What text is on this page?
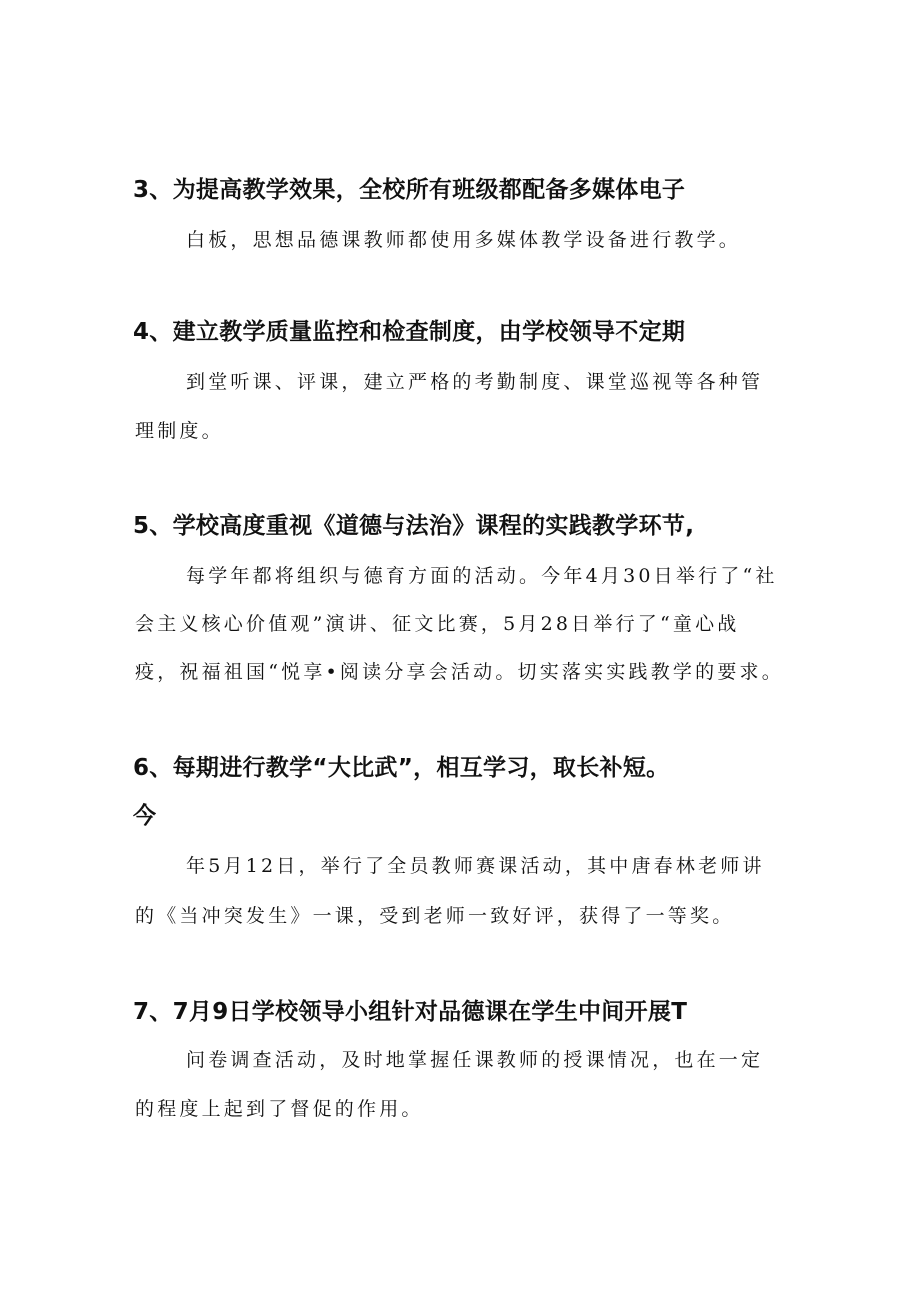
3、为提高教学效果，全校所有班级都配备多媒体电子
白板，思想品德课教师都使用多媒体教学设备进行教学。
4、建立教学质量监控和检查制度，由学校领导不定期
到堂听课、评课，建立严格的考勤制度、课堂巡视等各种管
理制度。
5、学校高度重视《道德与法治》课程的实践教学环节,
每学年都将组织与德育方面的活动。今年4月30日举行了“社
会主义核心价值观”演讲、征文比赛，5月28日举行了“童心战
疫，祝福祖国“悦享•阅读分享会活动。切实落实实践教学的要求。
6、每期进行教学“大比武”，相互学习，取长补短。
今
年5月12日，举行了全员教师赛课活动，其中唐春林老师讲
的《当冲突发生》一课，受到老师一致好评，获得了一等奖。
7、7月9日学校领导小组针对品德课在学生中间开展T
问卷调查活动，及时地掌握任课教师的授课情况，也在一定
的程度上起到了督促的作用。
